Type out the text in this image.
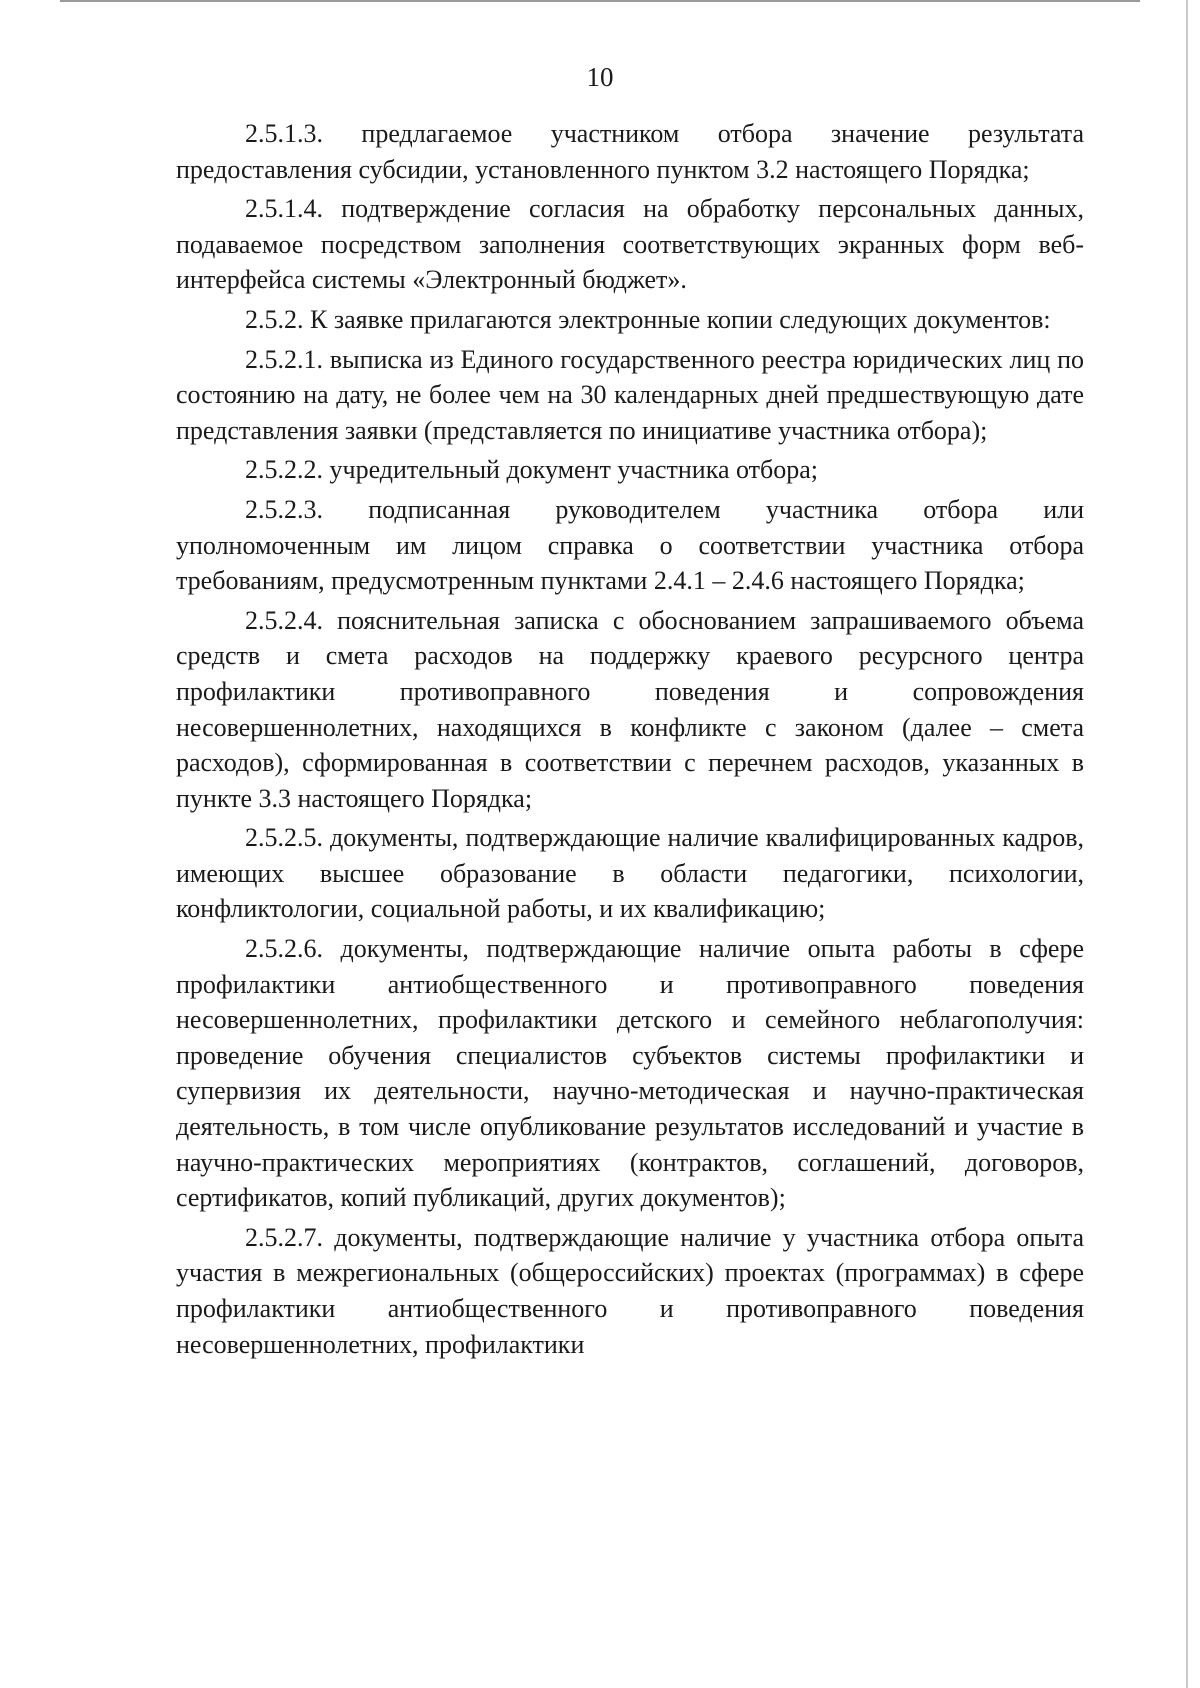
10

2.5.1.3. предлагаемое участником отбора значение результата предоставления субсидии, установленного пунктом 3.2 настоящего Порядка;

2.5.1.4. подтверждение согласия на обработку персональных данных, подаваемое посредством заполнения соответствующих экранных форм веб-интерфейса системы «Электронный бюджет».

2.5.2. К заявке прилагаются электронные копии следующих документов:

2.5.2.1. выписка из Единого государственного реестра юридических лиц по состоянию на дату, не более чем на 30 календарных дней предшествующую дате представления заявки (представляется по инициативе участника отбора);

2.5.2.2. учредительный документ участника отбора;

2.5.2.3. подписанная руководителем участника отбора или уполномоченным им лицом справка о соответствии участника отбора требованиям, предусмотренным пунктами 2.4.1 – 2.4.6 настоящего Порядка;

2.5.2.4. пояснительная записка с обоснованием запрашиваемого объема средств и смета расходов на поддержку краевого ресурсного центра профилактики противоправного поведения и сопровождения несовершеннолетних, находящихся в конфликте с законом (далее – смета расходов), сформированная в соответствии с перечнем расходов, указанных в пункте 3.3 настоящего Порядка;

2.5.2.5. документы, подтверждающие наличие квалифицированных кадров, имеющих высшее образование в области педагогики, психологии, конфликтологии, социальной работы, и их квалификацию;

2.5.2.6. документы, подтверждающие наличие опыта работы в сфере профилактики антиобщественного и противоправного поведения несовершеннолетних, профилактики детского и семейного неблагополучия: проведение обучения специалистов субъектов системы профилактики и супервизия их деятельности, научно-методическая и научно-практическая деятельность, в том числе опубликование результатов исследований и участие в научно-практических мероприятиях (контрактов, соглашений, договоров, сертификатов, копий публикаций, других документов);

2.5.2.7. документы, подтверждающие наличие у участника отбора опыта участия в межрегиональных (общероссийских) проектах (программах) в сфере профилактики антиобщественного и противоправного поведения несовершеннолетних, профилактики
